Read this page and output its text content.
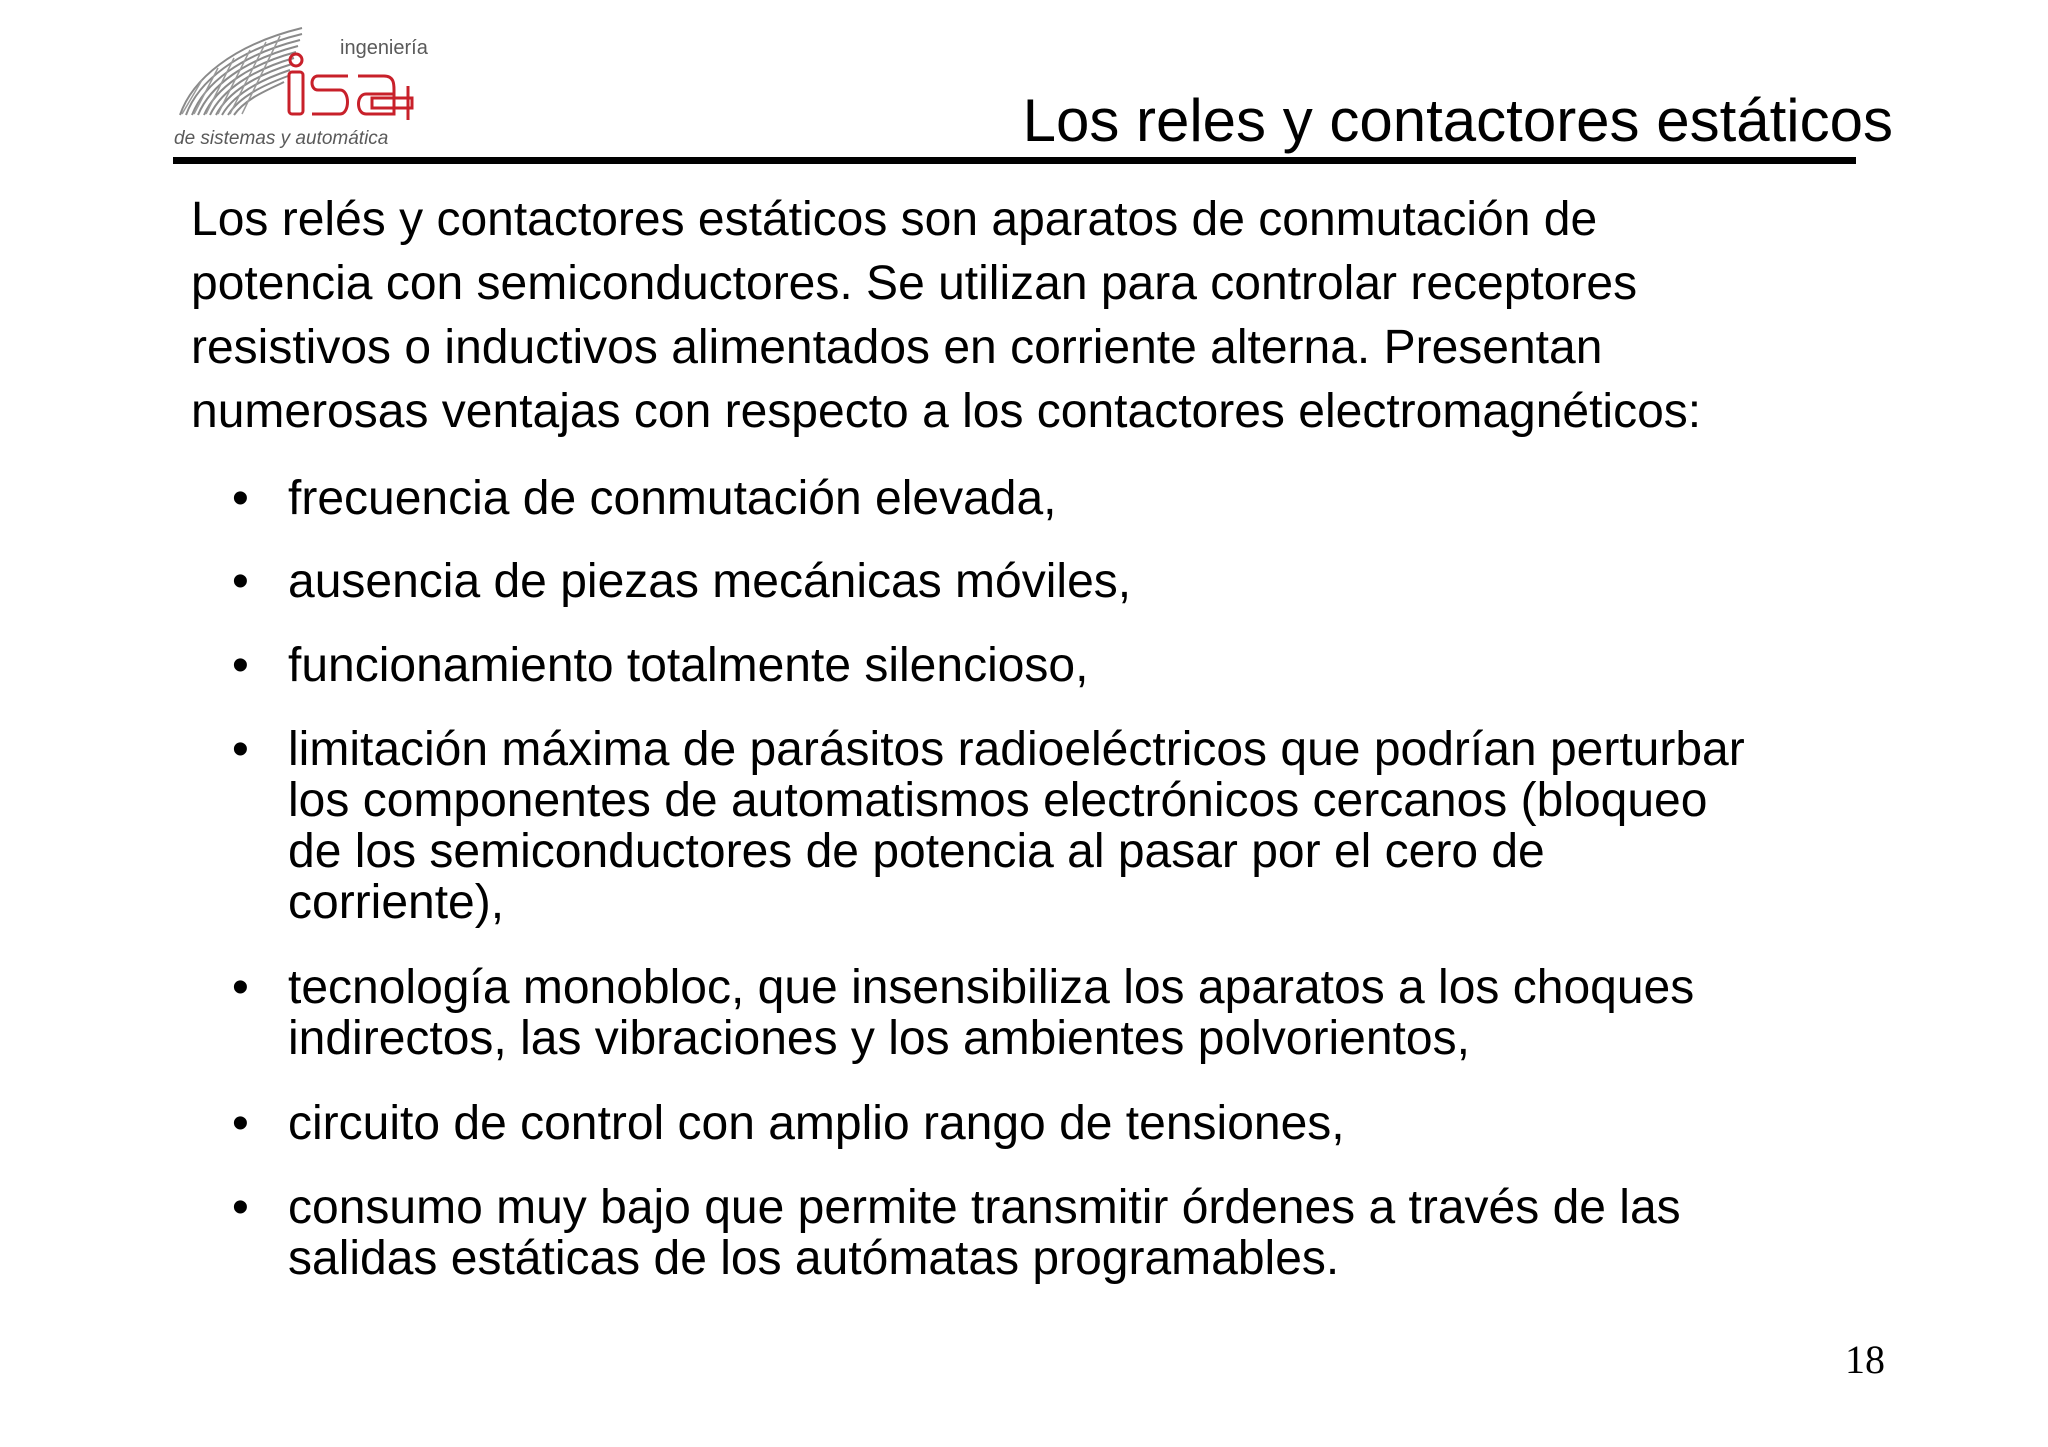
ingeniería
de sistemas y automática	Los reles y contactores estáticos
Los relés y contactores estáticos son aparatos de conmutación de
potencia con semiconductores. Se utilizan para controlar receptores
resistivos o inductivos alimentados en corriente alterna. Presentan
numerosas ventajas con respecto a los contactores electromagnéticos:
• frecuencia de conmutación elevada,
• ausencia de piezas mecánicas móviles,
• funcionamiento totalmente silencioso,
• limitación máxima de parásitos radioeléctricos que podrían perturbar
los componentes de automatismos electrónicos cercanos (bloqueo
de los semiconductores de potencia al pasar por el cero de
corriente),
• tecnología monobloc, que insensibiliza los aparatos a los choques
indirectos, las vibraciones y los ambientes polvorientos,
• circuito de control con amplio rango de tensiones,
• consumo muy bajo que permite transmitir órdenes a través de las
salidas estáticas de los autómatas programables.
18
